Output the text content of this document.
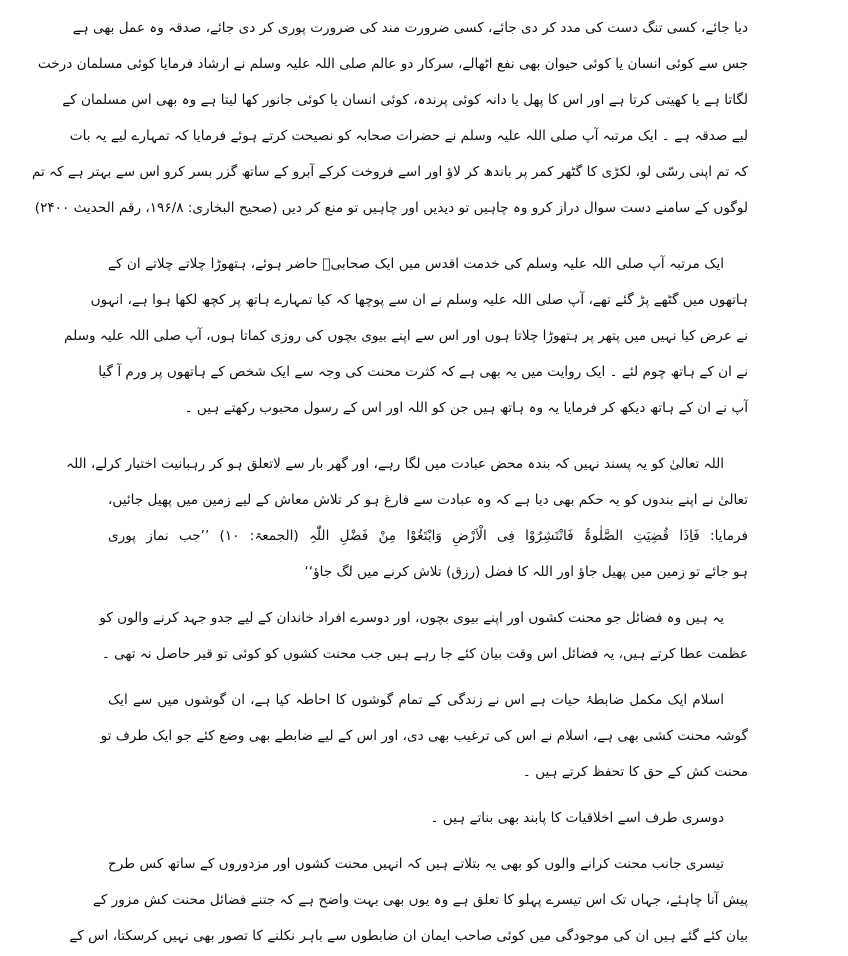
دیا جائے، کسی تنگ دست کی مدد کر دی جائے، کسی ضرورت مند کی ضرورت پوری کر دی جائے، صدقہ وہ عمل بھی ہے
جس سے کوئی انسان یا کوئی حیوان بھی نفع اٹھالے، سرکار دو عالم صلی اللہ علیہ وسلم نے ارشاد فرمایا کوئی مسلمان درخت
لگاتا ہے یا کھیتی کرتا ہے اور اس کا پھل یا دانہ کوئی پرندہ، کوئی انسان یا کوئی جانور کھا لیتا ہے وہ بھی اس مسلمان کے
لیے صدقہ ہے ۔ ایک مرتبہ آپ صلی اللہ علیہ وسلم نے حضرات صحابہ کو نصیحت کرتے ہوئے فرمایا کہ تمہارے لیے یہ بات
کہ تم اپنی رسّی لو، لکڑی کا گٹھر کمر پر باندھ کر لاؤ اور اسے فروخت کرکے آبرو کے ساتھ گزر بسر کرو اس سے بہتر ہے کہ تم
لوگوں کے سامنے دست سوال دراز کرو وہ چاہیں تو دیدیں اور چاہیں تو منع کر دیں (صحیح البخاری: ۱۹۶/۸، رقم الحدیث ۲۴۰۰)
ایک مرتبہ آپ صلی اللہ علیہ وسلم کی خدمت اقدس میں ایک صحابیؓ حاضر ہوئے، ہتھوڑا چلاتے چلاتے ان کے
ہاتھوں میں گٹھے پڑ گئے تھے، آپ صلی اللہ علیہ وسلم نے ان سے پوچھا کہ کیا تمہارے ہاتھ پر کچھ لکھا ہوا ہے، انہوں
نے عرض کیا نہیں میں پتھر پر ہتھوڑا چلاتا ہوں اور اس سے اپنے بیوی بچوں کی روزی کماتا ہوں، آپ صلی اللہ علیہ وسلم
نے ان کے ہاتھ چوم لئے ۔ ایک روایت میں یہ بھی ہے کہ کثرت محنت کی وجہ سے ایک شخص کے ہاتھوں پر ورم آ گیا
آپ نے ان کے ہاتھ دیکھ کر فرمایا یہ وہ ہاتھ ہیں جن کو اللہ اور اس کے رسول محبوب رکھتے ہیں ۔
اللہ تعالیٰ کو یہ پسند نہیں کہ بندہ محض عبادت میں لگا رہے، اور گھر بار سے لاتعلق ہو کر رہبانیت اختیار کرلے، اللہ
تعالیٰ نے اپنے بندوں کو یہ حکم بھی دیا ہے کہ وہ عبادت سے فارغ ہو کر تلاش معاش کے لیے زمین میں پھیل جائیں،
فرمایا: فَاِذَا قُضِیَتِ الصَّلٰوۃُ فَانْتَشِرُوْا فِی الْاَرْضِ وَابْتَغُوْا مِنْ فَضْلِ اللّٰہِ (الجمعۃ: ۱۰) ’’جب نماز پوری
ہو جائے تو زمین میں پھیل جاؤ اور اللہ کا فضل (رزق) تلاش کرنے میں لگ جاؤ‘‘
یہ ہیں وہ فضائل جو محنت کشوں اور اپنے بیوی بچوں، اور دوسرے افراد خاندان کے لیے جدو جہد کرنے والوں کو
عظمت عطا کرتے ہیں، یہ فضائل اس وقت بیان کئے جا رہے ہیں جب محنت کشوں کو کوئی تو قیر حاصل نہ تھی ۔
اسلام ایک مکمل ضابطۂ حیات ہے اس نے زندگی کے تمام گوشوں کا احاطہ کیا ہے، ان گوشوں میں سے ایک
گوشہ محنت کشی بھی ہے، اسلام نے اس کی ترغیب بھی دی، اور اس کے لیے ضابطے بھی وضع کئے جو ایک طرف تو
محنت کش کے حق کا تحفظ کرتے ہیں ۔
دوسری طرف اسے اخلاقیات کا پابند بھی بناتے ہیں ۔
تیسری جانب محنت کرانے والوں کو بھی یہ بتلاتے ہیں کہ انہیں محنت کشوں اور مزدوروں کے ساتھ کس طرح
پیش آنا چاہئے، جہاں تک اس تیسرے پہلو کا تعلق ہے وہ یوں بھی بہت واضح ہے کہ جتنے فضائل محنت کش مزور کے
بیان کئے گئے ہیں ان کی موجودگی میں کوئی صاحب ایمان ان ضابطوں سے باہر نکلنے کا تصور بھی نہیں کرسکتا، اس کے
